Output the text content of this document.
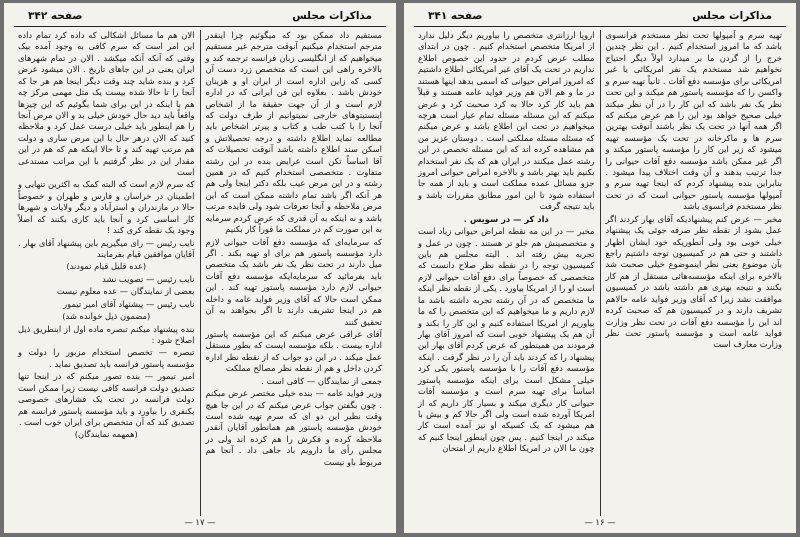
مذاکرات مجلس
صفحه ۳۴۲

مستقیم داد ممکن بود که میگوئیم چرا اینقدر مترجم استخدام میکنیم آنوقت مترجم غیر مستقیم میخواهیم که از انگلیسی زبان فرانسه ترجمه کند و بالاخره راهی این است که متخصص زرد دست آن کسی که زاین اداره است از ایران او و هزینان خودش باشد . بعلاوه این فن ایرانی که در اداره لازم است و از آن جهت حقیقة ما از اشخاص اینستیتوهای خارجی نمیتوانیم از طرف دولت که آنجا را با کتب طب و کتاب و پیرتر اشخاص باید مطالعه نماید اطلاع داشته و درجه تحصیلاتش و اسکن سند اطلاع داشته باشد آنوقت تحصیلات که آقا اساساً تکن است عرایض بنده در این رشته متفاوت . متخصصی استخدام کنیم که در همین رشته و در این مرض عیب بلکه دکتر اینجا ولی هم هر آنکه اگر باشد تمام داشته ممکن است که این مرض ملاحظه و آنجا تعرفات شود ولی فایده مرتب باشد و نه اینکه به آن قدری که عرض کردم سرمایه به این صورت کم در مملکت ما فوراً کار بکنیم

که سرمایه‌ای که مؤسسه دفع آفات حیوانی لازم دارد مؤسسه پاستور هم برای او تهیه بکند . اگر میل دارند در تحت نظر یک نفر باشد یک متخصص باید بفرمائید که سرمایه‌ایکه مؤسسه دفع آفات حیوانی لازم دارد مؤسسه پاستور تهیه کند . این ممکن است حالا که آقای وزیر فواید عامه و داخله هم در اینجا تشریف دارند تا اگر بخواهند به آن تحقیق کنند

آقای عراقی عرض میکنم که این مؤسسه پاستور اداره بیست . بلکه مؤسسه ایست که بطور مستقل عمل میکند . در این دو جواب که از نقطه نظر اداره کردن داخل و هم از نقطه نظر مصالح مملکت

جمعی از نمایندگان — کافی است .

وزیر فواید عامه — بنده خیلی مختصر عرض میکنم . چون بگفتن جواب عرض میکنم که در این جا هیچ وقت نظیر این دو ای که سرم تهیه شده است خودش مؤسسه پاستور هم همانطور آقایان آنقدر ملاحظه کرده و فکرش را هم کرده اند ولی در مجلس رأی ما دارویم باد جاهی داد . آنجا هم مربوط باو نیست

الان هم ما مسائل اشکالی که داده کرد تمام داده این امر است که سرم کافی به وجود آمده بیک وقتی که آنکه آنکه میکشد . الان در تمام شهرهای ایران یعنی در این جاهای تاریخ . الان میشود عرض کرد و بنده شاید چند وقت دیگر اینجا هم هر جا که آنجا را تا حالا شده بیست یک مثل مهمی مرکز چه هم با اینکه در این برای شما بگوئیم که این چیزها واقعاً باید دید حال خودش خیلی بد و الان مرض آنجا را هم اینطور باید خیلی درست عمل کرد و ملاحظه کنید که الان درهر حال با این مرض ساری و دولت هم مرتب تهیه کند و تا حالا اینکه هم که هم در این مقدار این در نظر گرفتیم با این مراتب مستدعی است

که سرم لازم است که البته کمک به اکثرین تنهایی و اطمینان در خراسان و فارس و طهران و خصوصاً حالا در مازندران و استرآباد و دیگر ولایات و شهرها کار اساسی کرد و آنجا باید کاری بکنند که اصلاً وجود یک نقطه کری کند !

نایب رئیس — رای میگیریم باین پیشنهاد آقای بهار . آقایان موافقین قیام بفرمایند

(عده قلیل قیام نمودند)

نایب رئیس — تصویب نشد

بعضی از نمایندگان — عده معلوم نیست

نایب رئیس — پیشنهاد آقای امیر تیمور

(مضمون ذیل خوانده شد)

بنده پیشنهاد میکنم تبصره ماده اول از اینطریق ذیل اصلاح شود :

تبصره — تخصص استخدام مزبور را دولت و مؤسسه پاستور فرانسه باید تصدیق نماید .

امیر تیمور — بنده تصور میکنم که در اینجا تنها تصدیق دولت فرانسه کافی نیست زیرا ممکن است دولت فرانسه در تحت یک فشارهای خصوصی یکنفری را بیاورد و باید مؤسسه پاستور فرانسه هم تصدیق کند که آن متخصص برای ایران خوب است .

(همهمه نمایندگان)

— ۱۷ —
مذاکرات مجلس
صفحه ۳۴۱

تهیه سرم و آمپولها تحت نظر مستخدم فرانسوی باشد که ما امروز استخدام کنیم . این نظر چندین خرج را از گردن ما بر میدارد اولاً دیگر احتیاج نخواهیم شد مستخدم یک نفر امریکائی یا غیر امریکائی برای مؤسسه دفع آفات . ثانیاً تهیه سرم و واکسن را که مؤسسه پاستور هم میکند و این تحت نظر یک نفر باشد که این کار را در آن نظر میکند خیلی صحیح خواهد بود این را هم عرض میکنم که اگر همه آنها در تحت یک نظر باشند آنوقت بهترین سرم ها و ماکرخانه در تحت یک مؤسسه تهیه میشود که زیر این کار را مؤسسه پاستور میکند و اگر غیر ممکن باشد مؤسسه دفع آفات حیوانی را جدا ترتیب بدهند و آن وقت اختلاف پیدا میشود . بنابراین بنده پیشنهاد کردم که اینجا تهیه سرم و آمپولها مؤسسه پاستور حیوانی است که در تحت نظر مستخدم فرانسوی باشد

مخبر — عرض کنم پیشنهادیکه آقای بهار کردند اگر عمل بشود از نقطه نظر صرفه جوئی یک پیشنهاد خیلی خوبی بود ولی آنطوریکه خود ایشان اظهار داشتند و حتی هم در کمیسیون توجه داشتیم راجع بآن موضوع یعنی نظر اینموضوع خیلی صحبت شد بالاخره برای اینکه مؤسسه‌هائی مستقل از هم کار بکنند و نتیجه بهتری هم داشته باشد در کمیسیون موافقت نشد زیرا که آقای وزیر فواید عامه حالاهم تشریف دارند و در کمیسیون هم که صحبت کرده اند این را مؤسسه دفع آفات در تحت نظر وزارت فواید عامه است و مؤسسه پاستور تحت نظر وزارت معارف است

اروپا ارزانتری متخصص را بیاوریم دیگر دلیل ندارد از امریکا متخصص استخدام کنیم . چون در ابتدای مطلب عرض کردم در حدود این خصوص اطلاع نداریم در تحت یک آقای غیر امریکائی اطلاع داشتیم که امروز امراض حیوانی که اسمی بدهد اینها هستند در ما و هم الان هم وزیر فواید عامه هستند و قبلاً هم باید کار کرد حالا به کرد صحبت کرد و عرض میکنم که این مسئله مسئله تمام عیار است هرچه میخواهیم در تحت این اطلاع باشد و عرض میکنم که مسئله مسئله مملکتی است . دوستان عزیز من هم مشاهده کرده اند که این مسئله تخصص در این رشته عمل میکنند در ایران هم که یک نفر استخدام بکنیم باید بهتر باشد و بالاخره امراض حیوانی امروز جزو مسائل عمده مملکت است و باید از همه جا استفاده شود تا این امور مطابق مقررات باشد و باید نتیجه گرفت

داد کر — در سویس .

مخبر — در این مه نقطه امراض حیوانی زیاد است و متخصصینش هم جلو تر هستند . چون در عمل و تجربه بیش رفته اند . البته مجلس هم باین کمیسیون توجه را در نقطه نظر صلاح دانست که متخصصی که خصوصاً برای دفع آفات حیوانی لازم است او را از امریکا بیاورد . یکی از نقطه نظر اینکه ما متخصص که در آن رشته تجربه داشته باشد ما لازم داریم و ما میخواهیم که این متخصص را که ما بیاوریم از امریکا استفاده کنیم و این کار را بکند و آن هم یک پیشنهاد خوبی است که امروز آقای بهار فرمودند من همینطور که عرض کردم آقای بهار این پیشنهاد را که کردند باید آن را در نظر گرفت . اینکه مؤسسه دفع آفات را با مؤسسه پاستور یکی کرد خیلی مشکل است برای اینکه مؤسسه پاستور اساساً برای تهیه سرم است و مؤسسه آفات حیوانی کار دیگری میکند و بسیار کار داریم که از امریکا آورده شده است ولی اگر حالا کم و بیش با هم میشود که یک کسیکه او نیز آمده است کار میکند در اینجا کنیم . پس چون اینطور اینجا کنیم که چون ما الان در امریکا اطلاع داریم از امتحان

— ۱۶ —
